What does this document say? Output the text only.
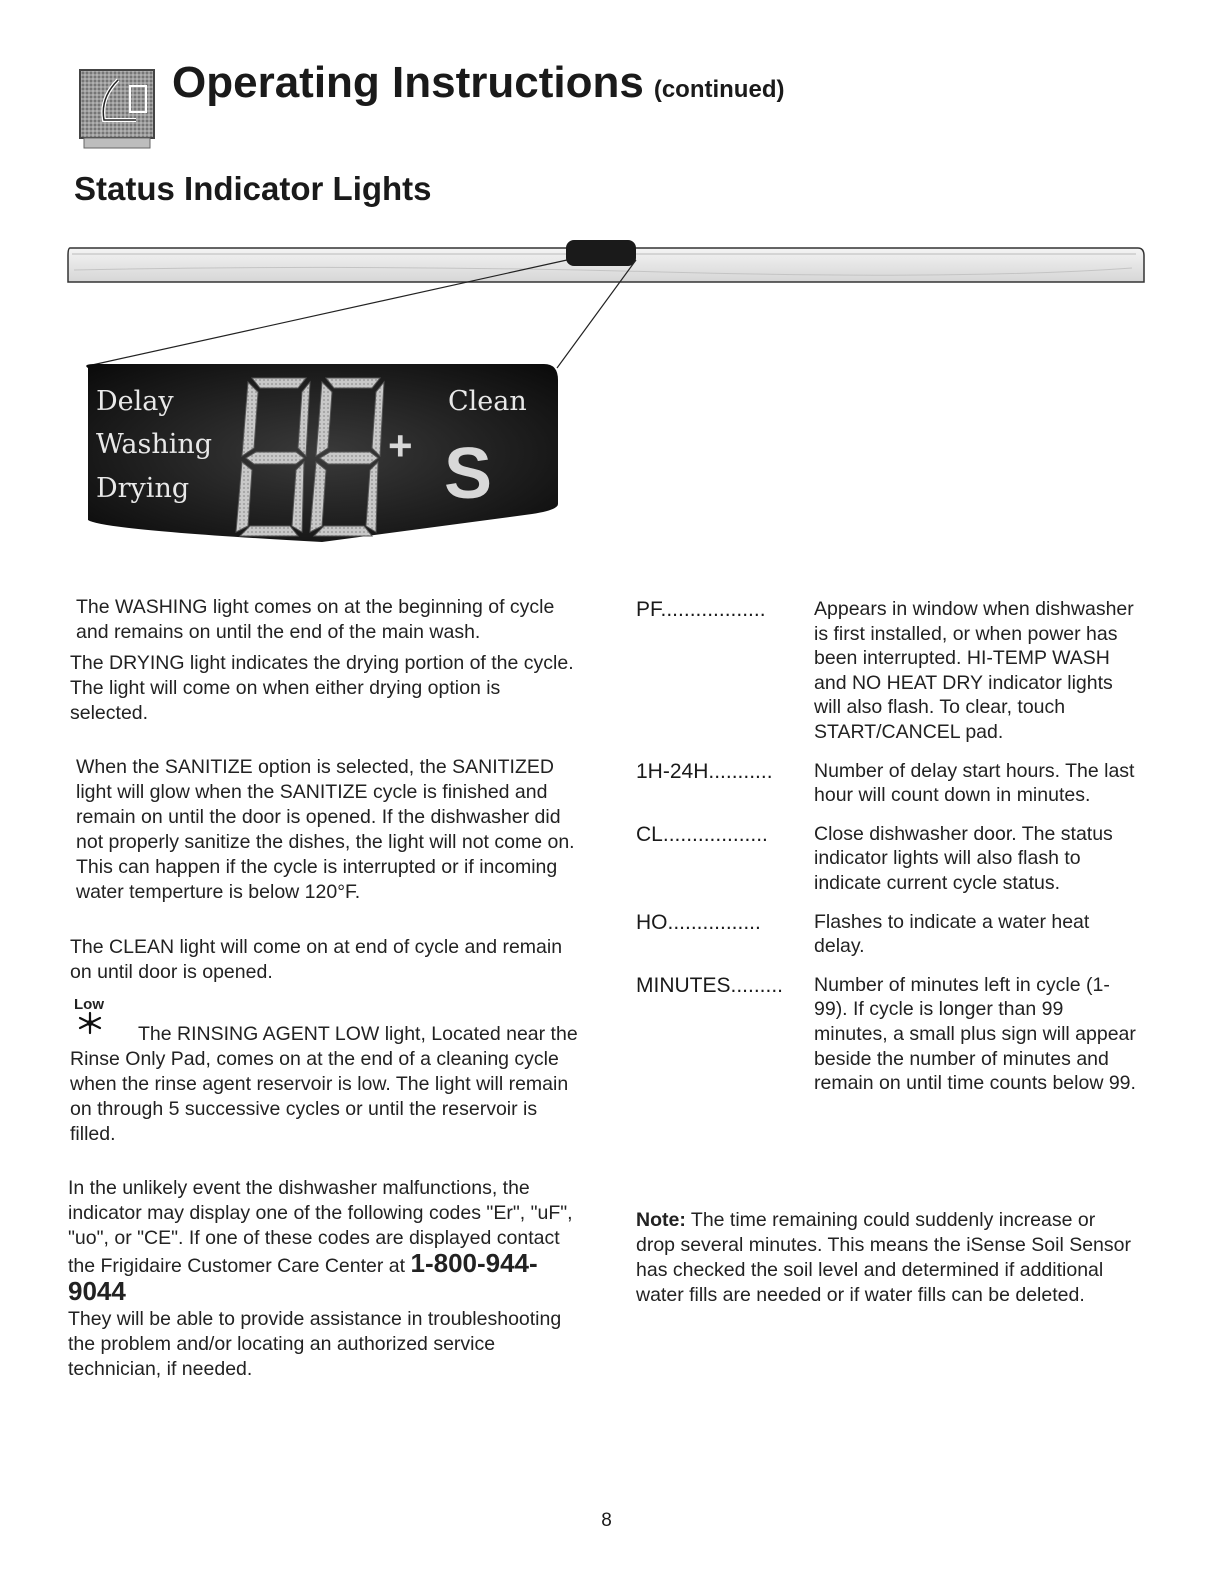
Operating Instructions (continued)
Status Indicator Lights
Delay
Washing
Drying
Clean
+ S

The WASHING light comes on at the beginning of cycle and remains on until the end of the main wash.

The DRYING light indicates the drying portion of the cycle. The light will come on when either drying option is selected.

When the SANITIZE option is selected, the SANITIZED light will glow when the SANITIZE cycle is finished and remain on until the door is opened. If the dishwasher did not properly sanitize the dishes, the light will not come on. This can happen if the cycle is interrupted or if incoming water temperture is below 120°F.

The CLEAN light will come on at end of cycle and remain on until door is opened.

Low

The RINSING AGENT LOW light, Located near the Rinse Only Pad, comes on at the end of a cleaning cycle when the rinse agent reservoir is low. The light will remain on through 5 successive cycles or until the reservoir is filled.

In the unlikely event the dishwasher malfunctions, the indicator may display one of the following codes "Er", "uF", "uo", or "CE". If one of these codes are displayed contact the Frigidaire Customer Care Center at 1-800-944-9044
They will be able to provide assistance in troubleshooting the problem and/or locating an authorized service technician, if needed.

PF..................	Appears in window when dishwasher is first installed, or when power has been interrupted. HI-TEMP WASH and NO HEAT DRY indicator lights will also flash. To clear, touch START/CANCEL pad.
1H-24H...........	Number of delay start hours. The last hour will count down in minutes.
CL..................	Close dishwasher door. The status indicator lights will also flash to indicate current cycle status.
HO................	Flashes to indicate a water heat delay.
MINUTES.........	Number of minutes left in cycle (1-99). If cycle is longer than 99 minutes, a small plus sign will appear beside the number of minutes and remain on until time counts below 99.
Note: The time remaining could suddenly increase or drop several minutes. This means the iSense Soil Sensor has checked the soil level and determined if additional water fills are needed or if water fills can be deleted.
8
